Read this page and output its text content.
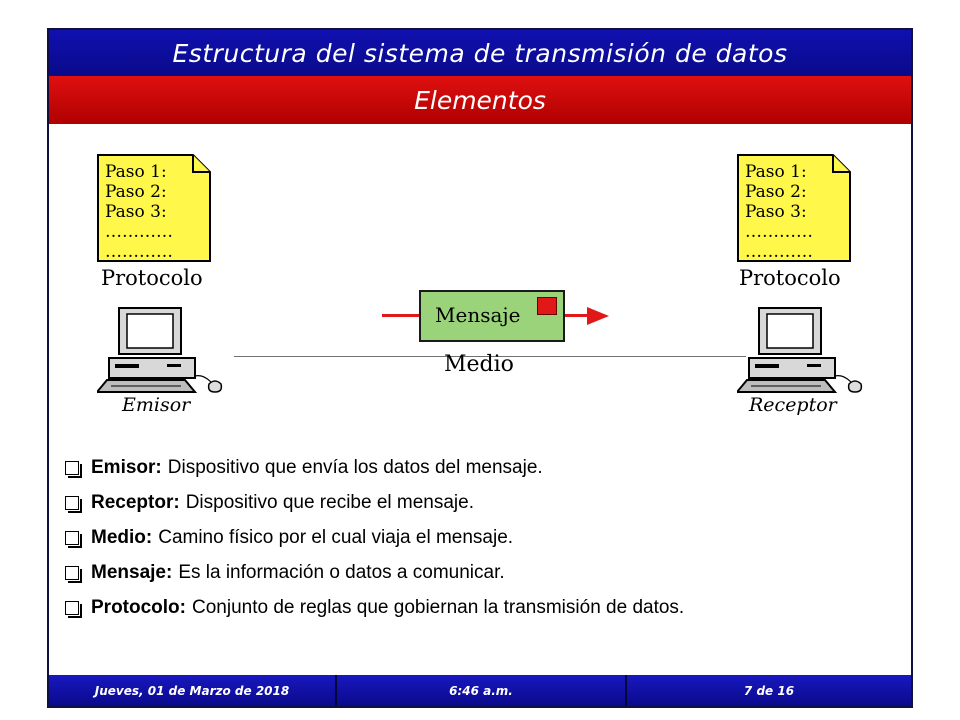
Estructura del sistema de transmisión de datos
Elementos
Paso 1:
Paso 2:
Paso 3:
…………
…………
Protocolo
Paso 1:
Paso 2:
Paso 3:
…………
…………
Protocolo
Emisor	Receptor
Medio
Mensaje
Emisor: Dispositivo que envía los datos del mensaje.
Receptor: Dispositivo que recibe el mensaje.
Medio: Camino físico por el cual viaja el mensaje.
Mensaje: Es la información o datos a comunicar.
Protocolo: Conjunto de reglas que gobiernan la transmisión de datos.
Jueves, 01 de Marzo de 2018	6:46 a.m.	7 de 16
